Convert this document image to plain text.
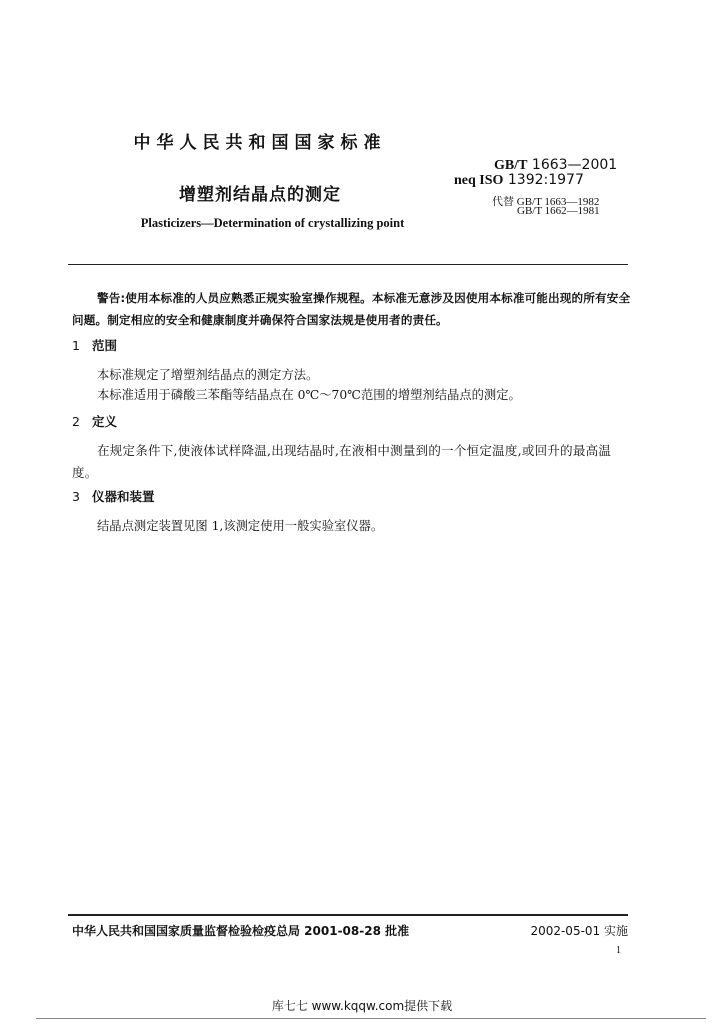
中华人民共和国国家标准
GB/T 1663—2001
neq ISO 1392:1977
代替 GB/T 1663—1982
GB/T 1662—1981
增塑剂结晶点的测定
Plasticizers—Determination of crystallizing point
警告:使用本标准的人员应熟悉正规实验室操作规程。本标准无意涉及因使用本标准可能出现的所有安全问题。制定相应的安全和健康制度并确保符合国家法规是使用者的责任。
1 范围
本标准规定了增塑剂结晶点的测定方法。
本标准适用于磷酸三苯酯等结晶点在 0℃～70℃范围的增塑剂结晶点的测定。
2 定义
在规定条件下,使液体试样降温,出现结晶时,在液相中测量到的一个恒定温度,或回升的最高温度。
3 仪器和装置
结晶点测定装置见图 1,该测定使用一般实验室仪器。
中华人民共和国国家质量监督检验检疫总局 2001-08-28 批准	2002-05-01 实施
1
库七七 www.kqqw.com提供下载
